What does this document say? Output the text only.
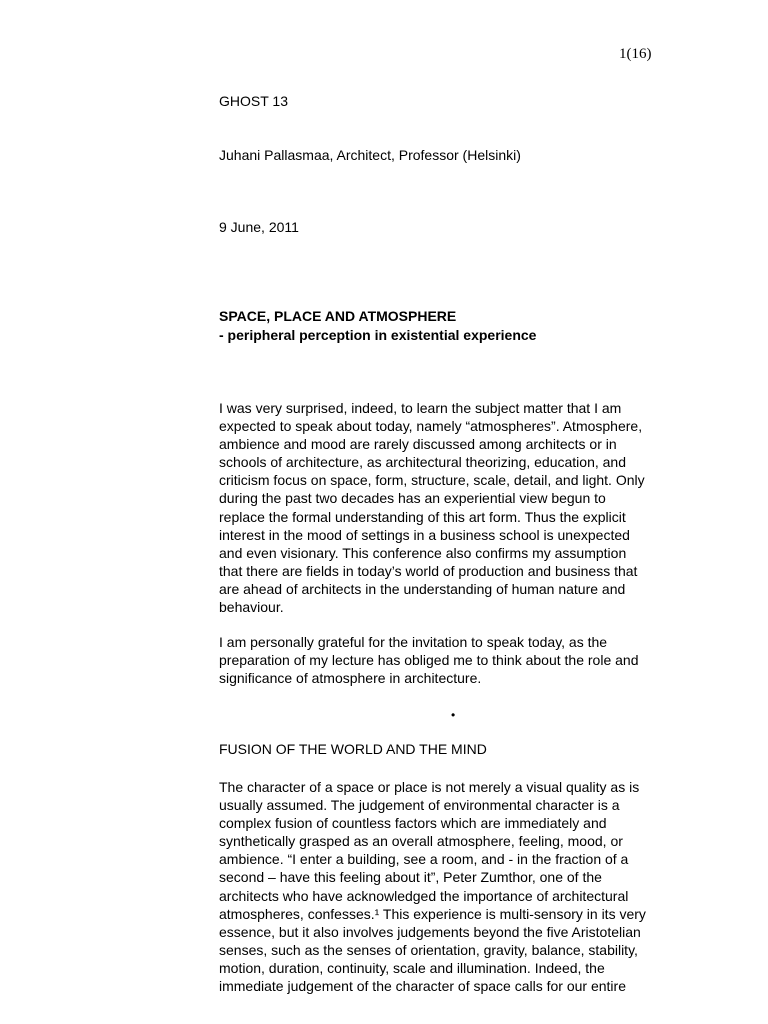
1(16)
GHOST 13
Juhani Pallasmaa, Architect, Professor (Helsinki)
9 June, 2011
SPACE, PLACE AND ATMOSPHERE
- peripheral perception in existential experience
I was very surprised, indeed, to learn the subject matter that I am
expected to speak about today, namely “atmospheres”. Atmosphere,
ambience and mood are rarely discussed among architects or in
schools of architecture, as architectural theorizing, education, and
criticism focus on space, form, structure, scale, detail, and light. Only
during the past two decades has an experiential view begun to
replace the formal understanding of this art form. Thus the explicit
interest in the mood of settings in a business school is unexpected
and even visionary. This conference also confirms my assumption
that there are fields in today’s world of production and business that
are ahead of architects in the understanding of human nature and
behaviour.
I am personally grateful for the invitation to speak today, as the
preparation of my lecture has obliged me to think about the role and
significance of atmosphere in architecture.
•
FUSION OF THE WORLD AND THE MIND
The character of a space or place is not merely a visual quality as is
usually assumed. The judgement of environmental character is a
complex fusion of countless factors which are immediately and
synthetically grasped as an overall atmosphere, feeling, mood, or
ambience. “I enter a building, see a room, and - in the fraction of a
second – have this feeling about it”, Peter Zumthor, one of the
architects who have acknowledged the importance of architectural
atmospheres, confesses.¹ This experience is multi-sensory in its very
essence, but it also involves judgements beyond the five Aristotelian
senses, such as the senses of orientation, gravity, balance, stability,
motion, duration, continuity, scale and illumination. Indeed, the
immediate judgement of the character of space calls for our entire
